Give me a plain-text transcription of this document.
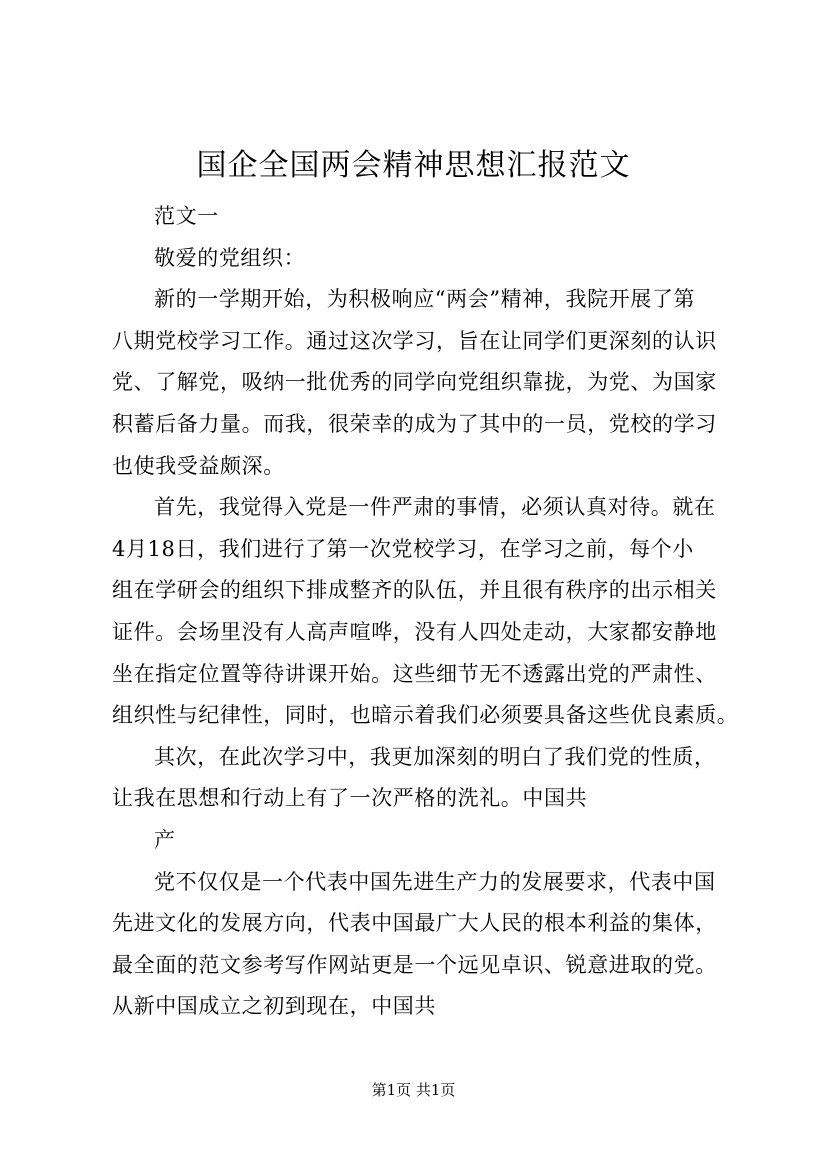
国企全国两会精神思想汇报范文
范文一
敬爱的党组织：
新的一学期开始，为积极响应“两会”精神，我院开展了第
八期党校学习工作。通过这次学习，旨在让同学们更深刻的认识
党、了解党，吸纳一批优秀的同学向党组织靠拢，为党、为国家
积蓄后备力量。而我，很荣幸的成为了其中的一员，党校的学习
也使我受益颇深。
首先，我觉得入党是一件严肃的事情，必须认真对待。就在
4月18日，我们进行了第一次党校学习，在学习之前，每个小
组在学研会的组织下排成整齐的队伍，并且很有秩序的出示相关
证件。会场里没有人高声喧哗，没有人四处走动，大家都安静地
坐在指定位置等待讲课开始。这些细节无不透露出党的严肃性、
组织性与纪律性，同时，也暗示着我们必须要具备这些优良素质。
其次，在此次学习中，我更加深刻的明白了我们党的性质，
让我在思想和行动上有了一次严格的洗礼。中国共
产
党不仅仅是一个代表中国先进生产力的发展要求，代表中国
先进文化的发展方向，代表中国最广大人民的根本利益的集体，
最全面的范文参考写作网站更是一个远见卓识、锐意进取的党。
从新中国成立之初到现在，中国共
第1页 共1页
